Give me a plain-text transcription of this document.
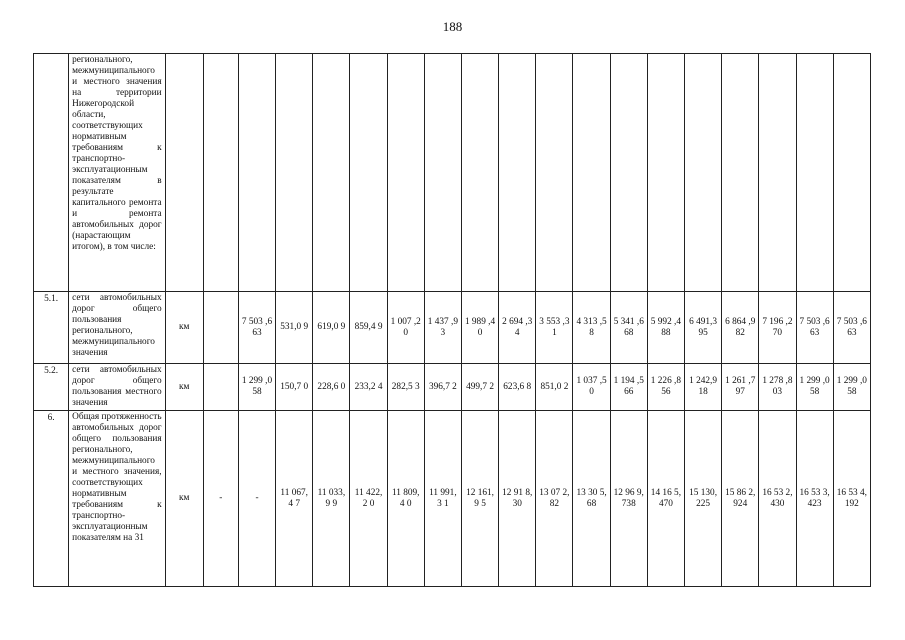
188
	регионального, межмуниципального и местного значения на территории Нижегородской области, соответствующих нормативным требованиям к транспортно-эксплуатационным показателям в результате капитального ремонта и ремонта автомобильных дорог (нарастающим итогом), в том числе:																			
5.1.	сети автомобильных дорог общего пользования регионального, межмуниципального значения	км		7 503 ,663	531,0 9	619,0 9	859,4 9	1 007 ,20	1 437 ,93	1 989 ,40	2 694 ,34	3 553 ,31	4 313 ,58	5 341 ,668	5 992 ,488	6 491,3 95	6 864 ,982	7 196 ,270	7 503 ,663	7 503 ,663
5.2.	сети автомобильных дорог общего пользования местного значения	км		1 299 ,058	150,7 0	228,6 0	233,2 4	282,5 3	396,7 2	499,7 2	623,6 8	851,0 2	1 037 ,50	1 194 ,566	1 226 ,856	1 242,9 18	1 261 ,797	1 278 ,803	1 299 ,058	1 299 ,058
6.	Общая протяженность автомобильных дорог общего пользования регионального, межмуниципального и местного значения, соответствующих нормативным требованиям к транспортно-эксплуатационным показателям на 31	км	-	-	11 067,4 7	11 033,9 9	11 422,2 0	11 809,4 0	11 991,3 1	12 161,9 5	12 91 8,30	13 07 2,82	13 30 5,68	12 96 9,738	14 16 5,470	15 130, 225	15 86 2,924	16 53 2,430	16 53 3,423	16 53 4,192
